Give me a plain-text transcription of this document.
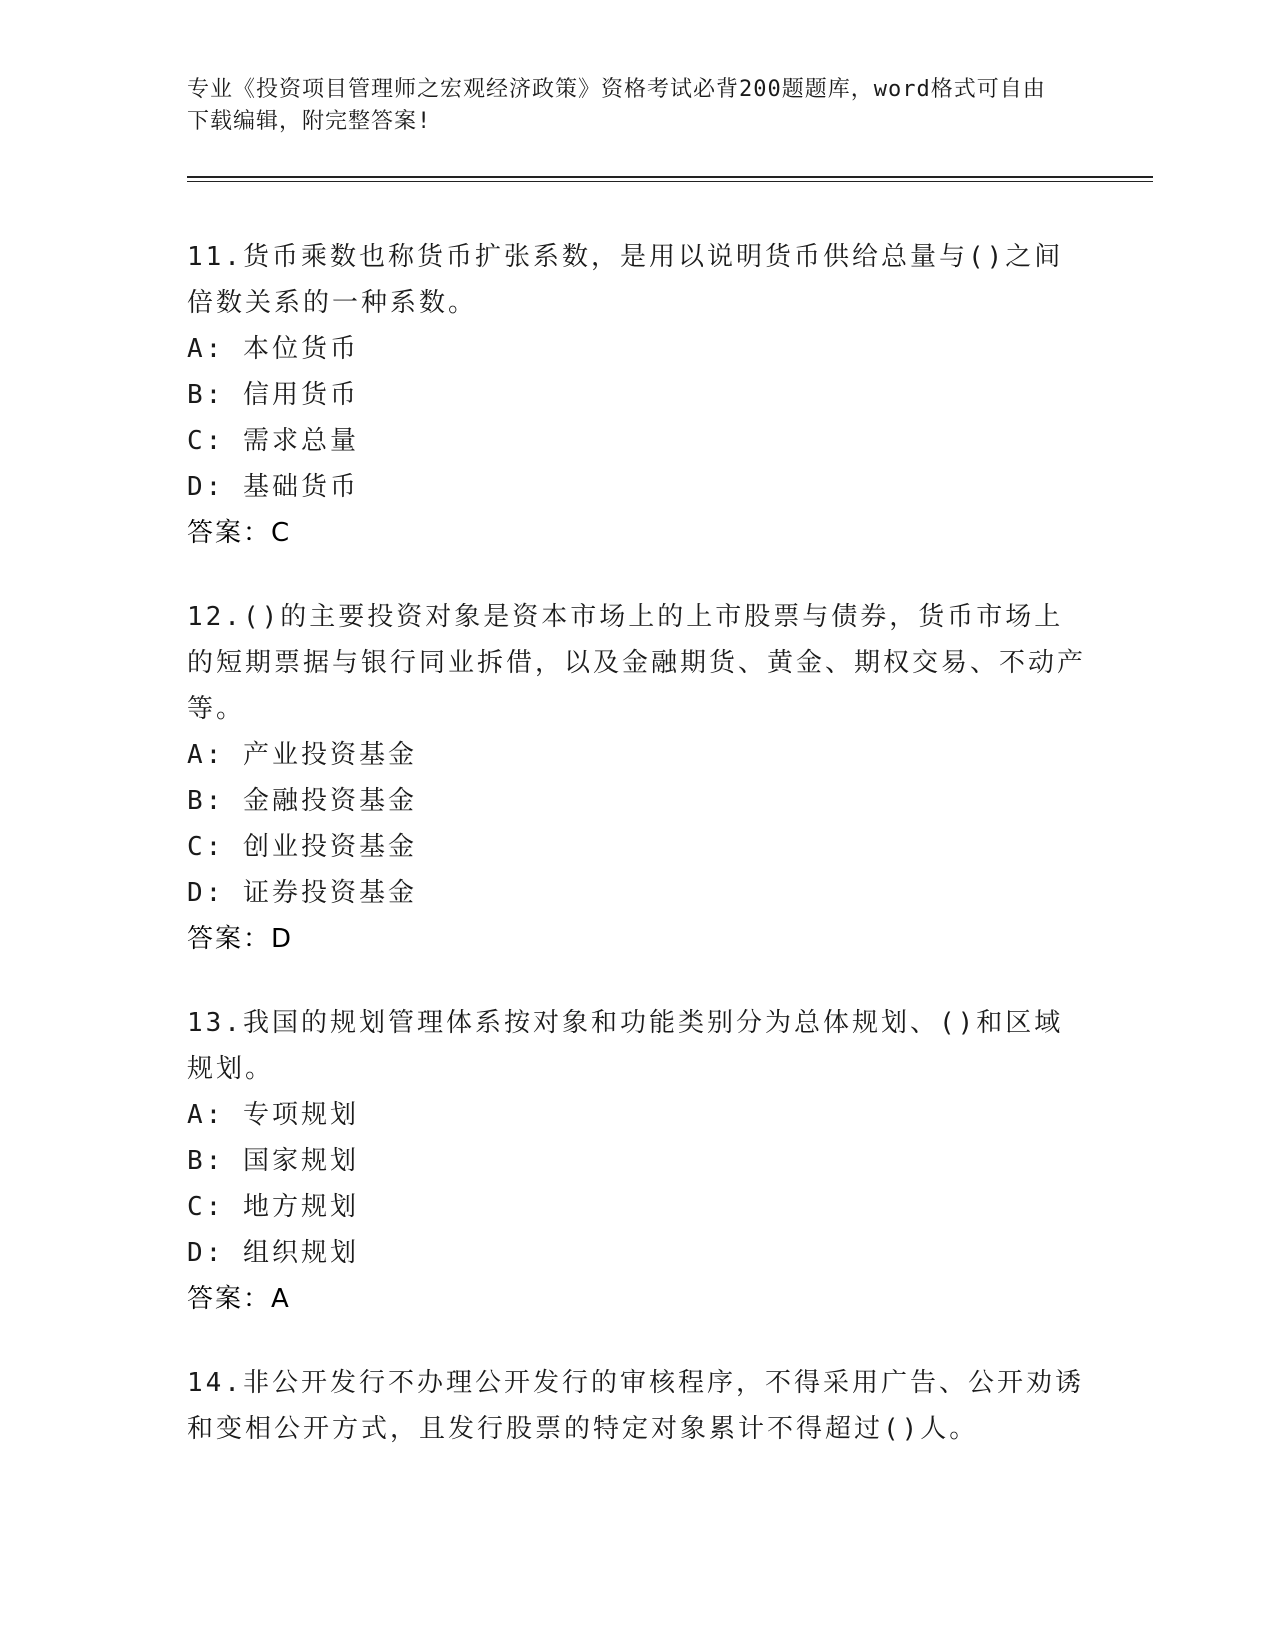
专业《投资项目管理师之宏观经济政策》资格考试必背200题题库，word格式可自由下载编辑，附完整答案!

11.货币乘数也称货币扩张系数，是用以说明货币供给总量与()之间倍数关系的一种系数。

A: 本位货币
B: 信用货币
C: 需求总量
D: 基础货币
答案：C

12.()的主要投资对象是资本市场上的上市股票与债券，货币市场上的短期票据与银行同业拆借，以及金融期货、黄金、期权交易、不动产等。

A: 产业投资基金
B: 金融投资基金
C: 创业投资基金
D: 证券投资基金
答案：D

13.我国的规划管理体系按对象和功能类别分为总体规划、()和区域规划。

A: 专项规划
B: 国家规划
C: 地方规划
D: 组织规划
答案：A

14.非公开发行不办理公开发行的审核程序，不得采用广告、公开劝诱和变相公开方式，且发行股票的特定对象累计不得超过()人。
